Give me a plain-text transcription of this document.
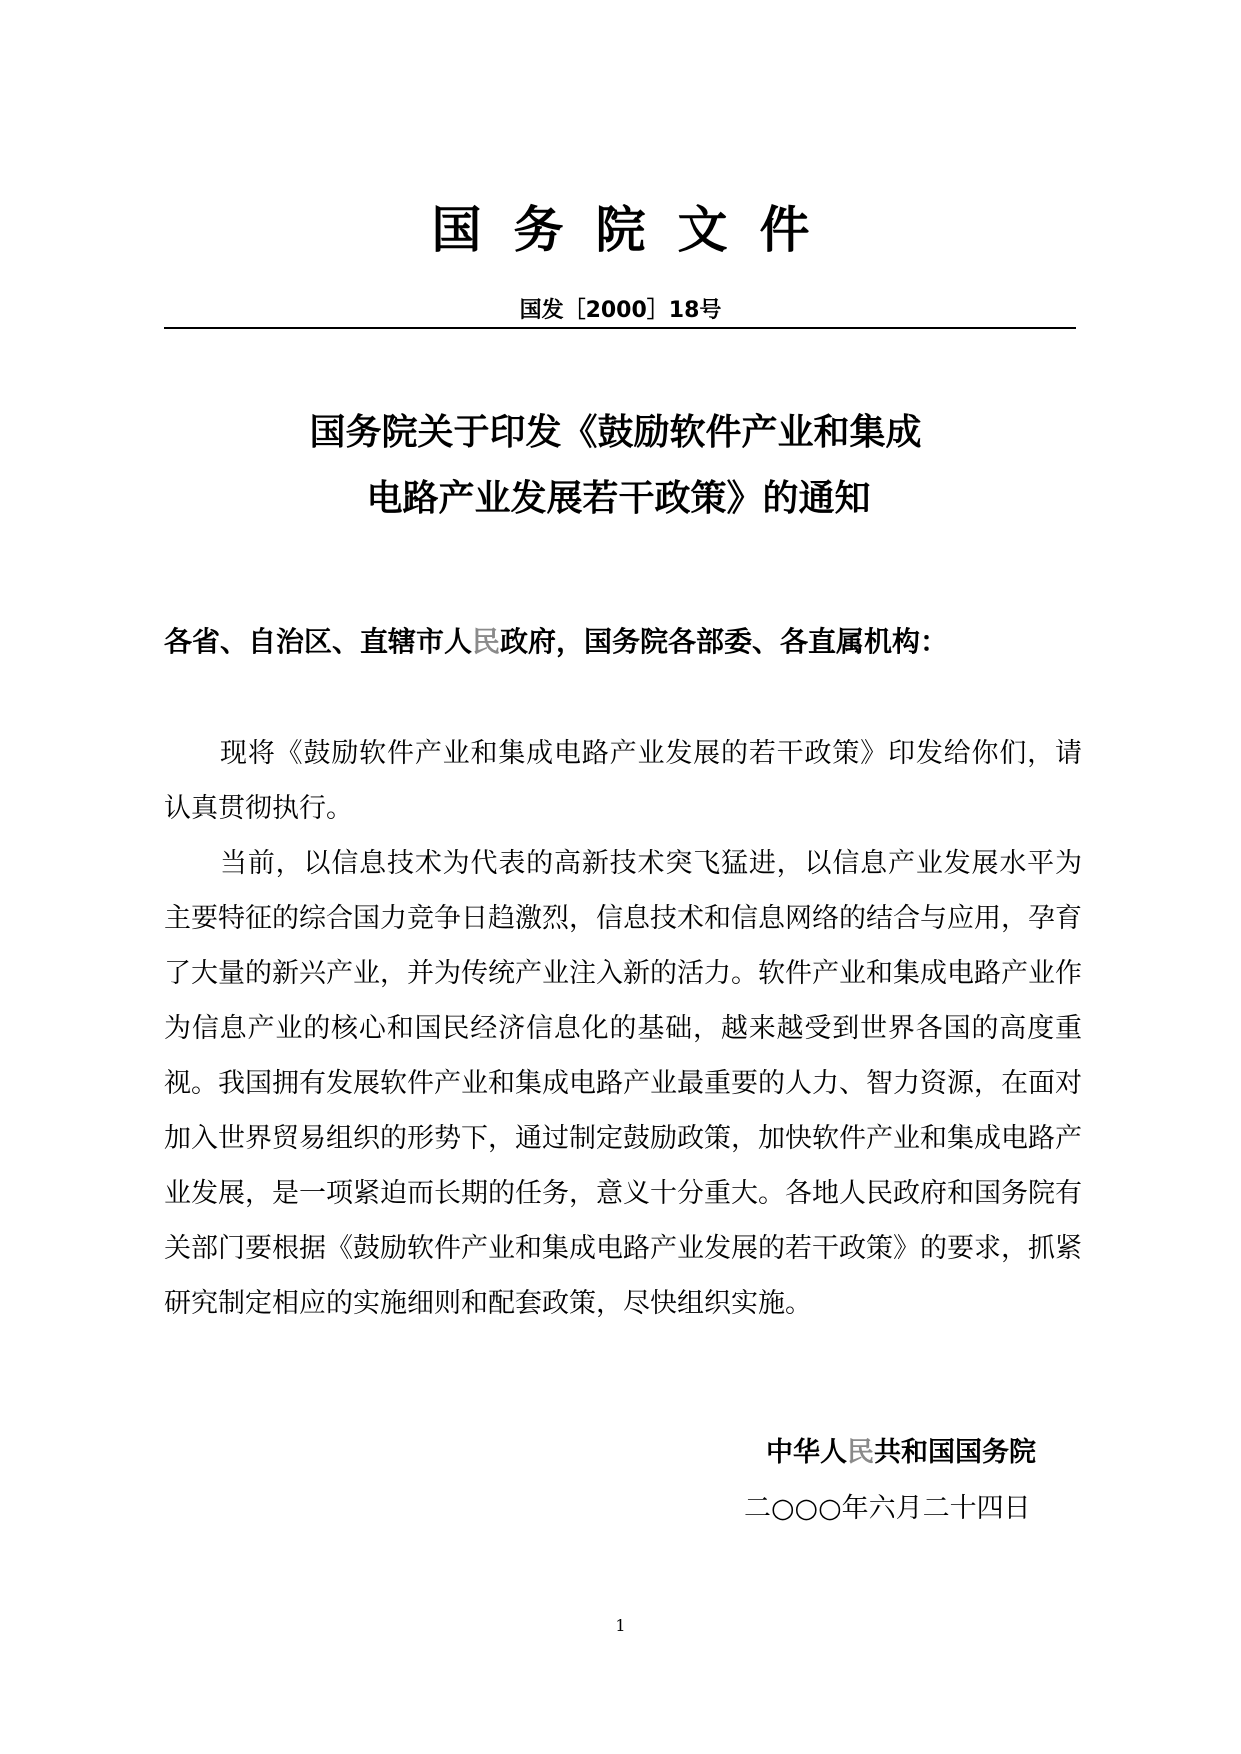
国务院文件
国发［2000］18号
国务院关于印发《鼓励软件产业和集成
电路产业发展若干政策》的通知
各省、自治区、直辖市人民政府，国务院各部委、各直属机构：

现将《鼓励软件产业和集成电路产业发展的若干政策》印发给你们，请认真贯彻执行。

当前，以信息技术为代表的高新技术突飞猛进，以信息产业发展水平为主要特征的综合国力竞争日趋激烈，信息技术和信息网络的结合与应用，孕育了大量的新兴产业，并为传统产业注入新的活力。软件产业和集成电路产业作为信息产业的核心和国民经济信息化的基础，越来越受到世界各国的高度重视。我国拥有发展软件产业和集成电路产业最重要的人力、智力资源，在面对加入世界贸易组织的形势下，通过制定鼓励政策，加快软件产业和集成电路产业发展，是一项紧迫而长期的任务，意义十分重大。各地人民政府和国务院有关部门要根据《鼓励软件产业和集成电路产业发展的若干政策》的要求，抓紧研究制定相应的实施细则和配套政策，尽快组织实施。

中华人民共和国国务院
二○○○年六月二十四日
1
